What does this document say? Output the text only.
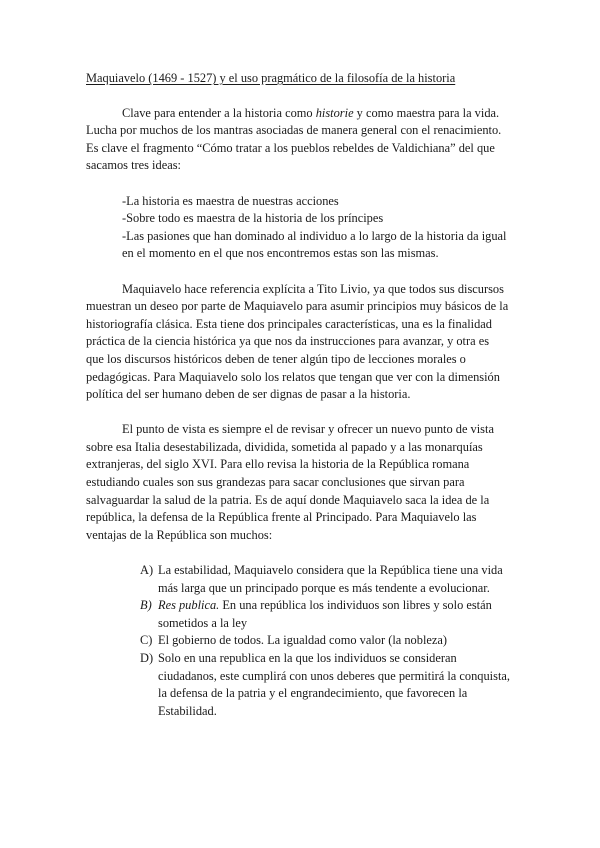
Maquiavelo (1469 - 1527) y el uso pragmático de la filosofía de la historia

Clave para entender a la historia como historie y como maestra para la vida. Lucha por muchos de los mantras asociadas de manera general con el renacimiento. Es clave el fragmento “Cómo tratar a los pueblos rebeldes de Valdichiana” del que sacamos tres ideas:

-La historia es maestra de nuestras acciones
-Sobre todo es maestra de la historia de los príncipes
-Las pasiones que han dominado al individuo a lo largo de la historia da igual en el momento en el que nos encontremos estas son las mismas.

Maquiavelo hace referencia explícita a Tito Livio, ya que todos sus discursos muestran un deseo por parte de Maquiavelo para asumir principios muy básicos de la historiografía clásica. Esta tiene dos principales características, una es la finalidad práctica de la ciencia histórica ya que nos da instrucciones para avanzar, y otra es que los discursos históricos deben de tener algún tipo de lecciones morales o pedagógicas. Para Maquiavelo solo los relatos que tengan que ver con la dimensión política del ser humano deben de ser dignas de pasar a la historia.

El punto de vista es siempre el de revisar y ofrecer un nuevo punto de vista sobre esa Italia desestabilizada, dividida, sometida al papado y a las monarquías extranjeras, del siglo XVI. Para ello revisa la historia de la República romana estudiando cuales son sus grandezas para sacar conclusiones que sirvan para salvaguardar la salud de la patria. Es de aquí donde Maquiavelo saca la idea de la república, la defensa de la República frente al Principado. Para Maquiavelo las ventajas de la República son muchos:

A) La estabilidad, Maquiavelo considera que la República tiene una vida más larga que un principado porque es más tendente a evolucionar.
B) Res publica. En una república los individuos son libres y solo están sometidos a la ley
C) El gobierno de todos. La igualdad como valor (la nobleza)
D) Solo en una republica en la que los individuos se consideran ciudadanos, este cumplirá con unos deberes que permitirá la conquista, la defensa de la patria y el engrandecimiento, que favorecen la Estabilidad.
